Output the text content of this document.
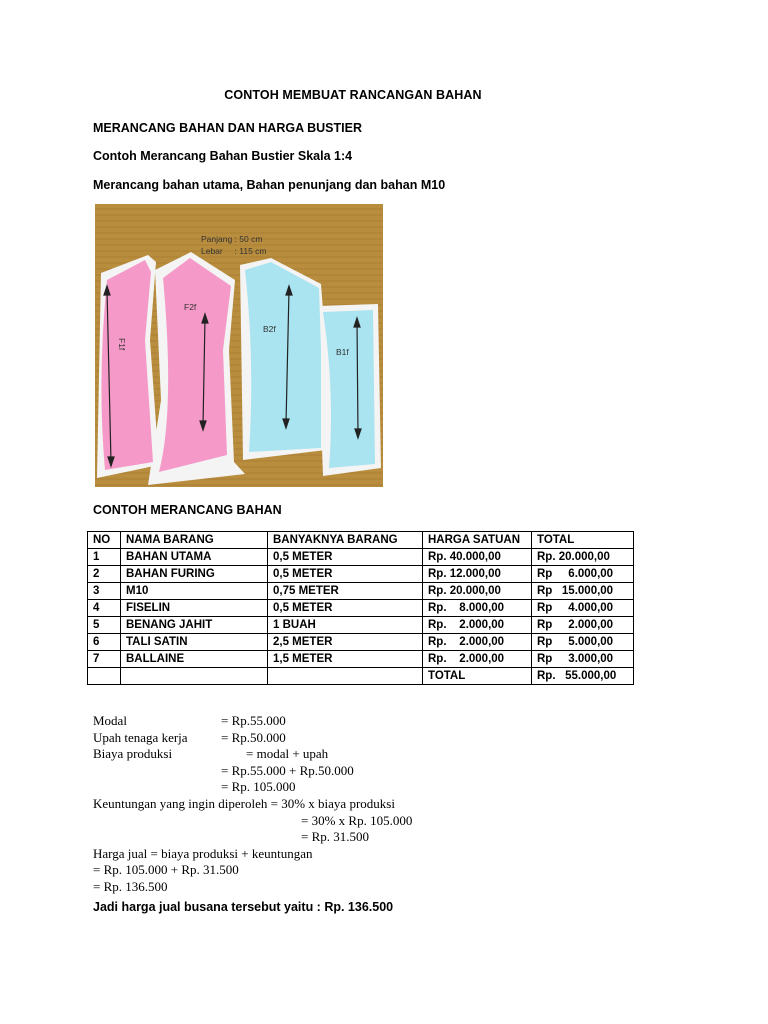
CONTOH MEMBUAT RANCANGAN BAHAN
MERANCANG BAHAN DAN HARGA BUSTIER
Contoh Merancang Bahan Bustier Skala 1:4
Merancang bahan utama, Bahan penunjang dan bahan M10
Panjang : 50 cm
Lebar     : 115 cm
F1f
F2f
B2f
B1f
CONTOH MERANCANG BAHAN
NO	NAMA BARANG	BANYAKNYA BARANG	HARGA SATUAN	TOTAL
1	BAHAN UTAMA	0,5 METER	Rp. 40.000,00	Rp. 20.000,00
2	BAHAN FURING	0,5 METER	Rp. 12.000,00	Rp     6.000,00
3	M10	0,75 METER	Rp. 20.000,00	Rp   15.000,00
4	FISELIN	0,5 METER	Rp.    8.000,00	Rp     4.000,00
5	BENANG JAHIT	1 BUAH	Rp.    2.000,00	Rp     2.000,00
6	TALI SATIN	2,5 METER	Rp.    2.000,00	Rp     5.000,00
7	BALLAINE	1,5 METER	Rp.    2.000,00	Rp     3.000,00
			TOTAL	Rp.   55.000,00
Modal	= Rp.55.000
Upah tenaga kerja	= Rp.50.000
Biaya produksi	= modal + upah
= Rp.55.000 + Rp.50.000
= Rp. 105.000
Keuntungan yang ingin diperoleh = 30% x biaya produksi
= 30% x Rp. 105.000
= Rp. 31.500
Harga jual = biaya produksi + keuntungan
= Rp. 105.000 + Rp. 31.500
= Rp. 136.500
Jadi harga jual busana tersebut yaitu : Rp. 136.500
